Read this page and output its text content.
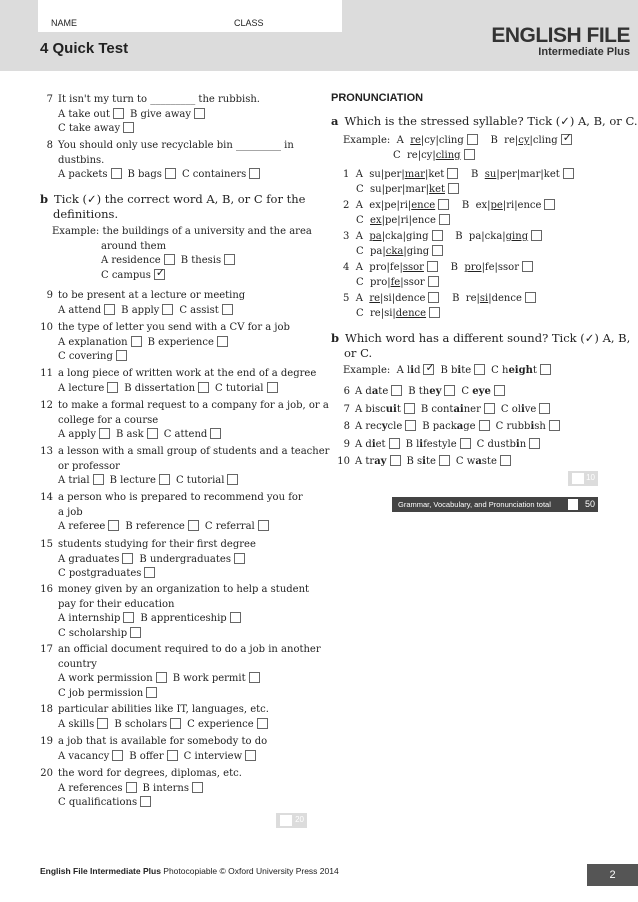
NAME	CLASS
4 Quick Test
ENGLISH FILE
Intermediate Plus
7 It isn't my turn to _________ the rubbish.
A take out B give away
C take away
8 You should only use recyclable bin _________ in
dustbins.
A packets B bags C containers
b Tick (✓) the correct word A, B, or C for the
definitions.
Example: the buildings of a university and the area
around them
A residence B thesis
C campus ✓
9 to be present at a lecture or meeting
A attend B apply C assist
10 the type of letter you send with a CV for a job
A explanation B experience
C covering
11 a long piece of written work at the end of a degree
A lecture B dissertation C tutorial
12 to make a formal request to a company for a job, or a
college for a course
A apply B ask C attend
13 a lesson with a small group of students and a teacher
or professor
A trial B lecture C tutorial
14 a person who is prepared to recommend you for
a job
A referee B reference C referral
15 students studying for their first degree
A graduates B undergraduates
C postgraduates
16 money given by an organization to help a student
pay for their education
A internship B apprenticeship
C scholarship
17 an official document required to do a job in another
country
A work permission B work permit
C job permission
18 particular abilities like IT, languages, etc.
A skills B scholars C experience
19 a job that is available for somebody to do
A vacancy B offer C interview
20 the word for degrees, diplomas, etc.
A references B interns
C qualifications
20
PRONUNCIATION
a Which is the stressed syllable? Tick (✓) A, B, or C.
Example:  A  re|cy|cling    B  re|cy|cling ✓
C  re|cy|cling
1  A  su|per|mar|ket    B  su|per|mar|ket
C  su|per|mar|ket
2  A  ex|pe|ri|ence    B  ex|pe|ri|ence
C  ex|pe|ri|ence
3  A  pa|cka|ging    B  pa|cka|ging
C  pa|cka|ging
4  A  pro|fe|ssor    B  pro|fe|ssor
C  pro|fe|ssor
5  A  re|si|dence    B  re|si|dence
C  re|si|dence
b Which word has a different sound? Tick (✓) A, B,
or C.
Example: A lid ✓ B bite C height
6 A date B they C eye
7 A biscuit B container C olive
8 A recycle B package C rubbish
9 A diet B lifestyle C dustbin
10 A tray B site C waste
10
Grammar, Vocabulary, and Pronunciation total	50
English File Intermediate Plus Photocopiable © Oxford University Press 2014	2
